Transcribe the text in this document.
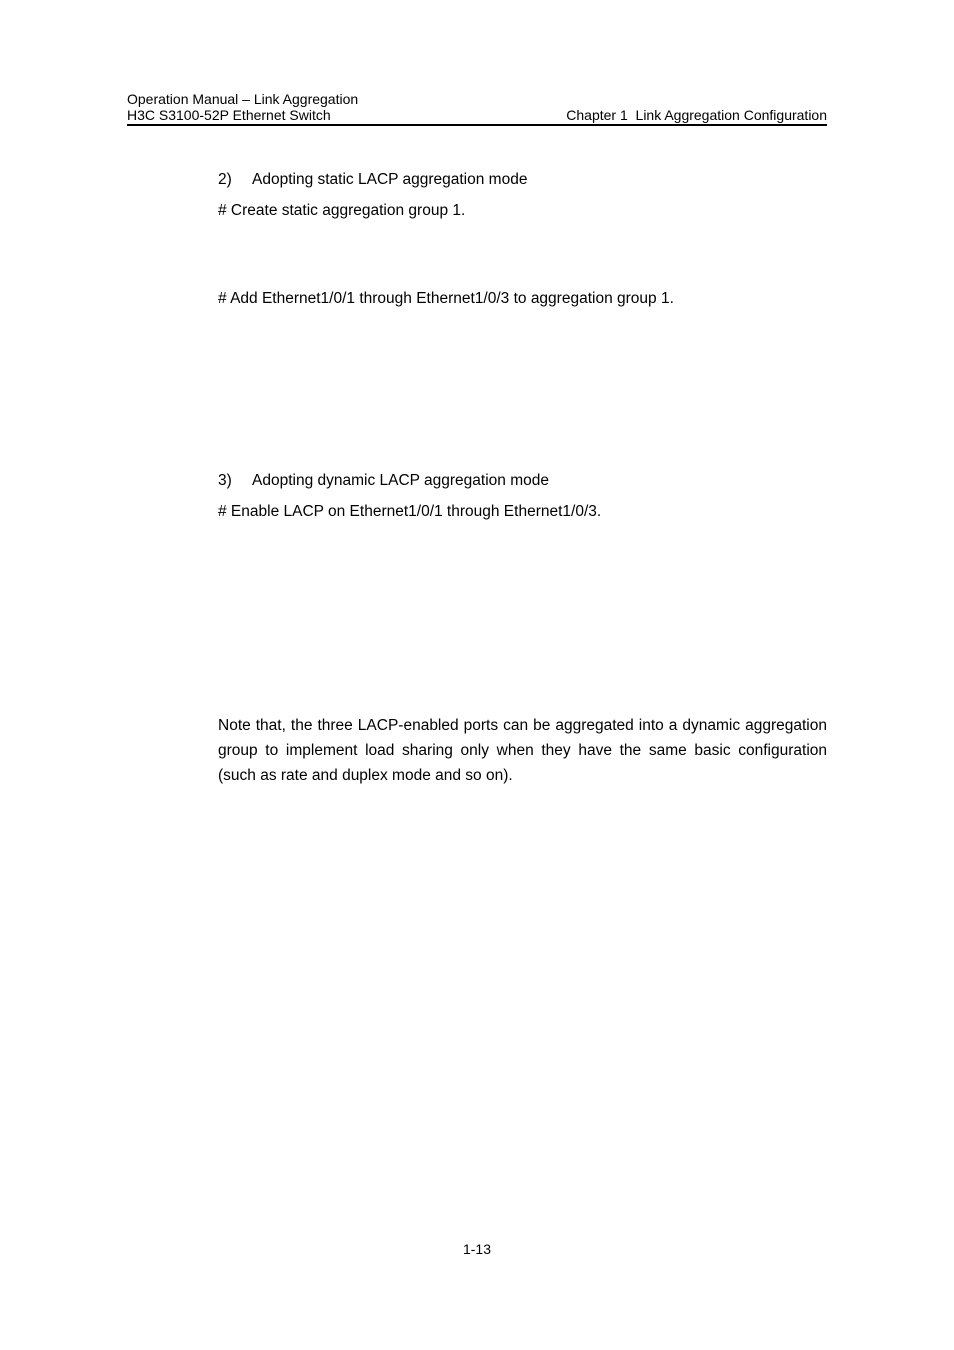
Operation Manual – Link Aggregation
H3C S3100-52P Ethernet Switch	Chapter 1  Link Aggregation Configuration
2) Adopting static LACP aggregation mode
# Create static aggregation group 1.
# Add Ethernet1/0/1 through Ethernet1/0/3 to aggregation group 1.
3) Adopting dynamic LACP aggregation mode
# Enable LACP on Ethernet1/0/1 through Ethernet1/0/3.
Note that, the three LACP-enabled ports can be aggregated into a dynamic aggregation group to implement load sharing only when they have the same basic configuration (such as rate and duplex mode and so on).
1-13
